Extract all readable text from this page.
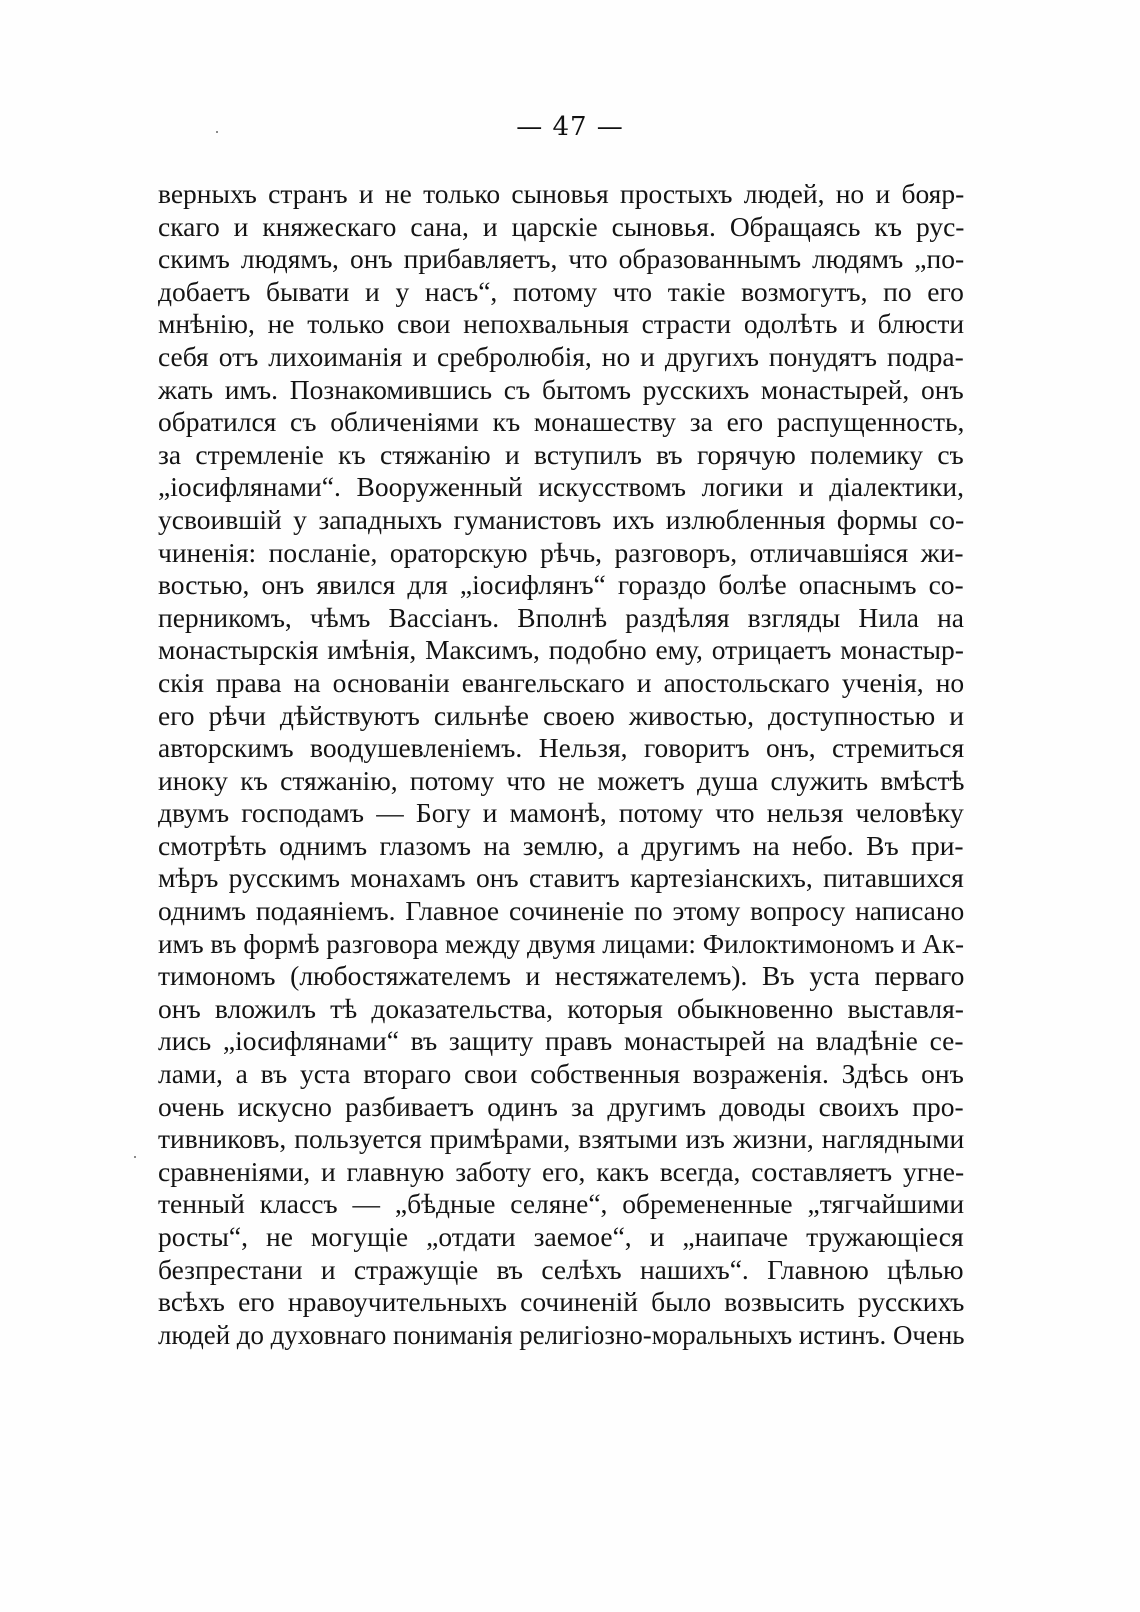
— 47 —
верныхъ странъ и не только сыновья простыхъ людей, но и бояр-
скаго и княжескаго сана, и царскіе сыновья. Обращаясь къ рус-
скимъ людямъ, онъ прибавляетъ, что образованнымъ людямъ „по-
добаетъ бывати и у насъ“, потому что такіе возмогутъ, по его
мнѣнію, не только свои непохвальныя страсти одолѣть и блюсти
себя отъ лихоиманія и сребролюбія, но и другихъ понудятъ подра-
жать имъ. Познакомившись съ бытомъ русскихъ монастырей, онъ
обратился съ обличеніями къ монашеству за его распущенность,
за стремленіе къ стяжанію и вступилъ въ горячую полемику съ
„іосифлянами“. Вооруженный искусствомъ логики и діалектики,
усвоившій у западныхъ гуманистовъ ихъ излюбленныя формы со-
чиненія: посланіе, ораторскую рѣчь, разговоръ, отличавшіяся жи-
востью, онъ явился для „іосифлянъ“ гораздо болѣе опаснымъ со-
перникомъ, чѣмъ Вассіанъ. Вполнѣ раздѣляя взгляды Нила на
монастырскія имѣнія, Максимъ, подобно ему, отрицаетъ монастыр-
скія права на основаніи евангельскаго и апостольскаго ученія, но
его рѣчи дѣйствуютъ сильнѣе своею живостью, доступностью и
авторскимъ воодушевленіемъ. Нельзя, говоритъ онъ, стремиться
иноку къ стяжанію, потому что не можетъ душа служить вмѣстѣ
двумъ господамъ — Богу и мамонѣ, потому что нельзя человѣку
смотрѣть однимъ глазомъ на землю, а другимъ на небо. Въ при-
мѣръ русскимъ монахамъ онъ ставитъ картезіанскихъ, питавшихся
однимъ подаяніемъ. Главное сочиненіе по этому вопросу написано
имъ въ формѣ разговора между двумя лицами: Филоктимономъ и Ак-
тимономъ (любостяжателемъ и нестяжателемъ). Въ уста перваго
онъ вложилъ тѣ доказательства, которыя обыкновенно выставля-
лись „іосифлянами“ въ защиту правъ монастырей на владѣніе се-
лами, а въ уста втораго свои собственныя возраженія. Здѣсь онъ
очень искусно разбиваетъ одинъ за другимъ доводы своихъ про-
тивниковъ, пользуется примѣрами, взятыми изъ жизни, наглядными
сравненіями, и главную заботу его, какъ всегда, составляетъ угне-
тенный классъ — „бѣдные селяне“, обремененные „тягчайшими
росты“, не могущіе „отдати заемое“, и „наипаче тружающіеся
безпрестани и стражущіе въ селѣхъ нашихъ“. Главною цѣлью
всѣхъ его нравоучительныхъ сочиненій было возвысить русскихъ
людей до духовнаго пониманія религіозно-моральныхъ истинъ. Очень
